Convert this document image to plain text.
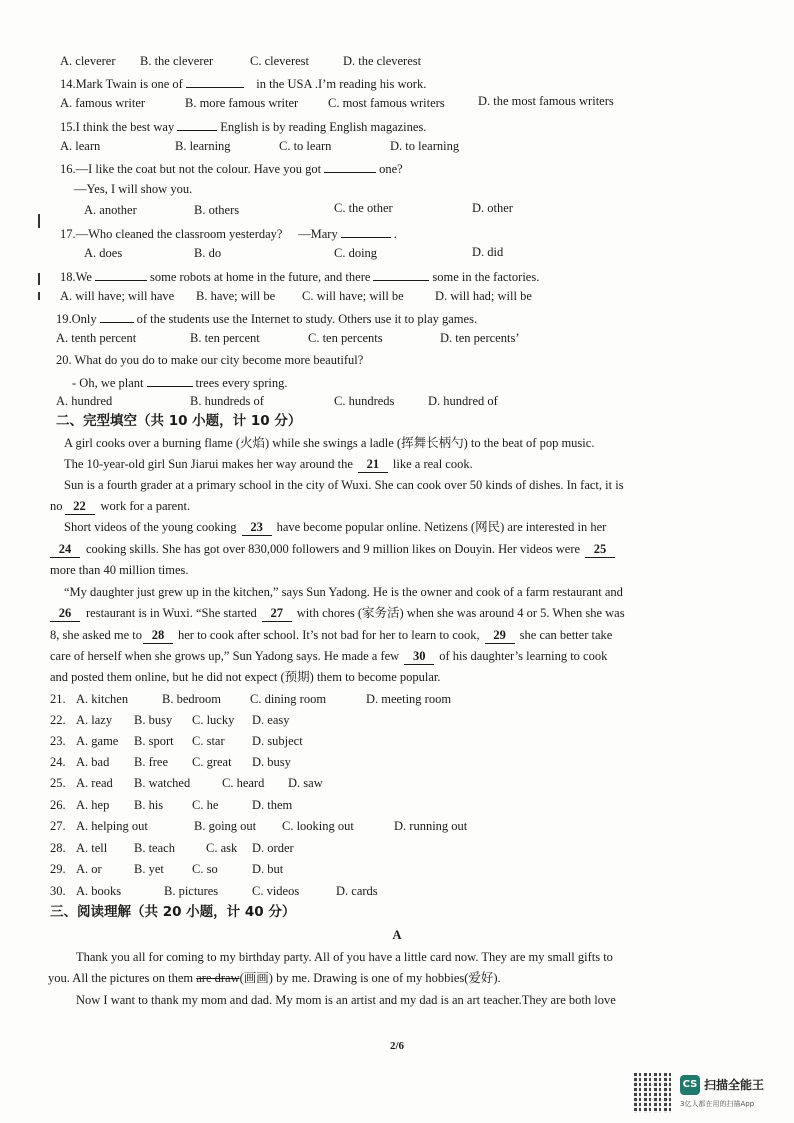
A. cleverer B. the cleverer	C. cleverest	D. the cleverest
14.Mark Twain is one of	in the USA .I’m reading his work.
A. famous writer	B. more famous writer C. most famous writers	D. the most famous writers
15.I think the best way	English is by reading English magazines.
A. learn	B. learning	C. to learn	D. to learning
16.—I like the coat but not the colour. Have you got	one?
—Yes, I will show you.
A. another	B. others	C. the other	D. other
17.—Who cleaned the classroom yesterday? —Mary	.
A. does	B. do	C. doing	D. did
18.We	some robots at home in the future, and there	some in the factories.
A. will have; will have B. have; will be C. will have; will be	D. will had; will be
19.Only	of the students use the Internet to study. Others use it to play games.
A. tenth percent	B. ten percent	C. ten percents	D. ten percents’
20. What do you do to make our city become more beautiful?
- Oh, we plant	trees every spring.
A. hundred	B. hundreds of	C. hundreds	D. hundred of
二、完型填空（共 10 小题，计 10 分）
A girl cooks over a burning flame (火焰) while she swings a ladle (挥舞长柄勺) to the beat of pop music.
The 10-year-old girl Sun Jiarui makes her way around the 21 like a real cook.
Sun is a fourth grader at a primary school in the city of Wuxi. She can cook over 50 kinds of dishes. In fact, it is
no 22 work for a parent.
Short videos of the young cooking 23 have become popular online. Netizens (网民) are interested in her
24 cooking skills. She has got over 830,000 followers and 9 million likes on Douyin. Her videos were 25
more than 40 million times.
“My daughter just grew up in the kitchen,” says Sun Yadong. He is the owner and cook of a farm restaurant and
26 restaurant is in Wuxi. “She started 27 with chores (家务活) when she was around 4 or 5. When she was
8, she asked me to 28 her to cook after school. It’s not bad for her to learn to cook, 29 she can better take
care of herself when she grows up,” Sun Yadong says. He made a few 30 of his daughter’s learning to cook
and posted them online, but he did not expect (预期) them to become popular.
21. A. kitchen	B. bedroom C. dining room	D. meeting room
22. A. lazy B. busy C. lucky D. easy
23. A. game B. sport C. star D. subject
24. A. bad B. free C. great D. busy
25. A. read B. watched	C. heard D. saw
26. A. hep B. his C. he	D. them
27. A. helping out	B. going out C. looking out	D. running out
28. A. tell B. teach C. ask D. order
29. A. or	B. yet C. so	D. but
30. A. books	B. pictures	C. videos	D. cards
三、阅读理解（共 20 小题，计 40 分）
A
Thank you all for coming to my birthday party. All of you have a little card now. They are my small gifts to
you. All the pictures on them are draw(画画) by me. Drawing is one of my hobbies(爱好).
Now I want to thank my mom and dad. My mom is an artist and my dad is an art teacher.They are both love
2/6
CS 扫描全能王
3亿人都在用的扫描App
